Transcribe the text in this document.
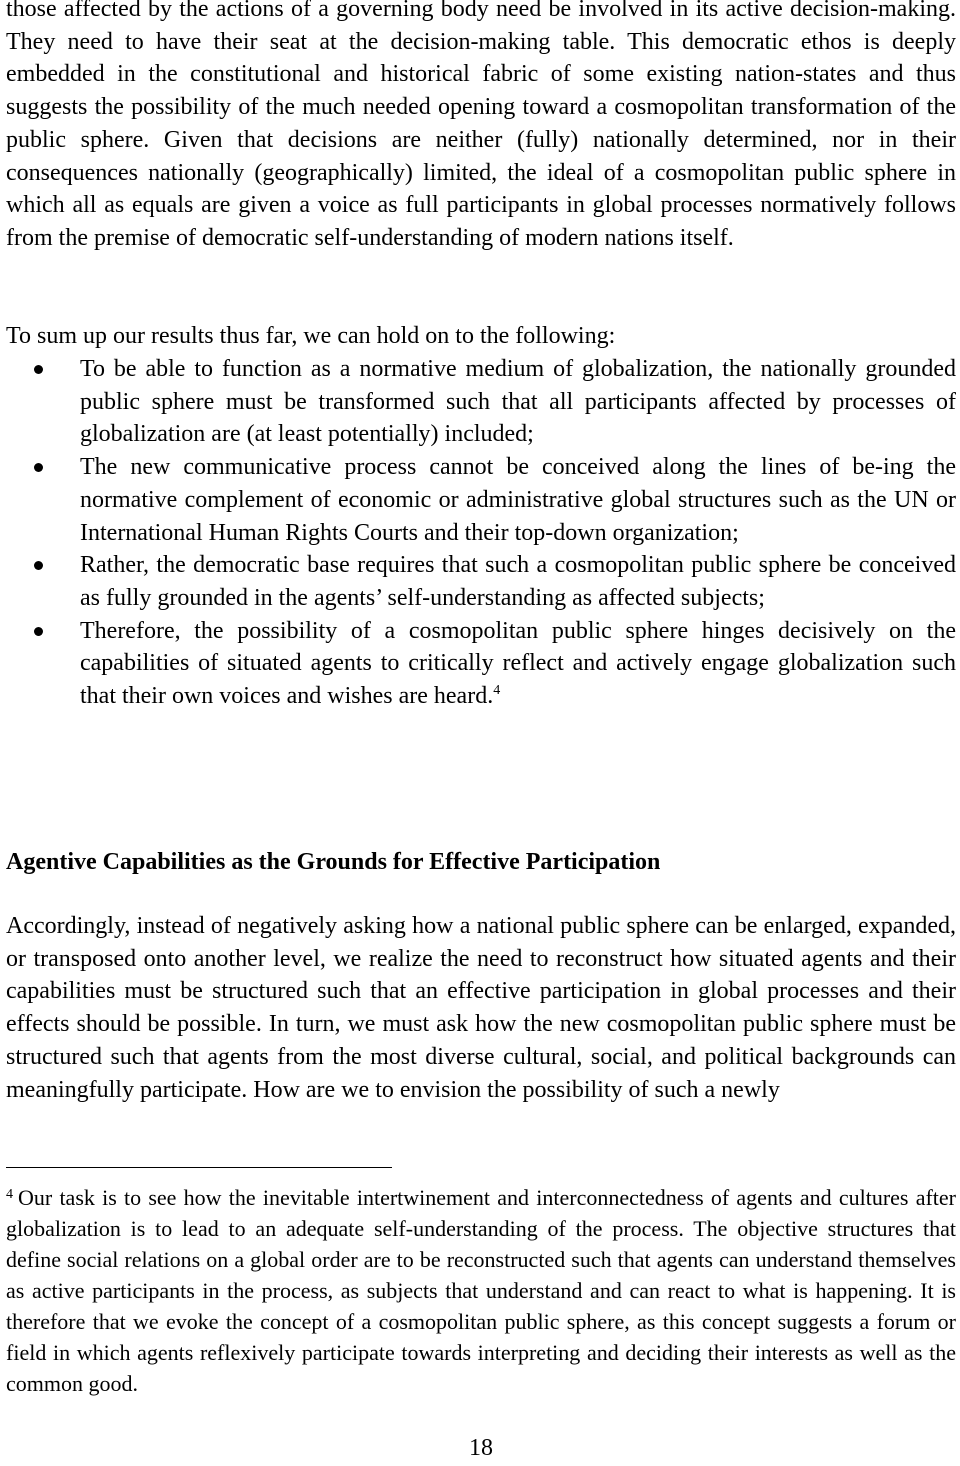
those affected by the actions of a governing body need be involved in its active decision-making. They need to have their seat at the decision-making table. This democratic ethos is deeply embedded in the constitutional and historical fabric of some existing nation-states and thus suggests the possibility of the much needed opening toward a cosmopolitan transformation of the public sphere. Given that decisions are neither (fully) nationally determined, nor in their consequences nationally (geographically) limited, the ideal of a cosmopolitan public sphere in which all as equals are given a voice as full participants in global processes normatively follows from the premise of democratic self-understanding of modern nations itself.

To sum up our results thus far, we can hold on to the following:

To be able to function as a normative medium of globalization, the nationally grounded public sphere must be transformed such that all participants affected by processes of globalization are (at least potentially) included;
The new communicative process cannot be conceived along the lines of be-ing the normative complement of economic or administrative global structures such as the UN or International Human Rights Courts and their top-down organization;
Rather, the democratic base requires that such a cosmopolitan public sphere be conceived as fully grounded in the agents’ self-understanding as affected subjects;
Therefore, the possibility of a cosmopolitan public sphere hinges decisively on the capabilities of situated agents to critically reflect and actively engage globalization such that their own voices and wishes are heard.$^4$
Agentive Capabilities as the Grounds for Effective Participation

Accordingly, instead of negatively asking how a national public sphere can be enlarged, expanded, or transposed onto another level, we realize the need to reconstruct how situated agents and their capabilities must be structured such that an effective participation in global processes and their effects should be possible. In turn, we must ask how the new cosmopolitan public sphere must be structured such that agents from the most diverse cultural, social, and political backgrounds can meaningfully participate. How are we to envision the possibility of such a newly

$^4$ Our task is to see how the inevitable intertwinement and interconnectedness of agents and cultures after globalization is to lead to an adequate self-understanding of the process. The objective structures that define social relations on a global order are to be reconstructed such that agents can understand themselves as active participants in the process, as subjects that understand and can react to what is happening. It is therefore that we evoke the concept of a cosmopolitan public sphere, as this concept suggests a forum or field in which agents reflexively participate towards interpreting and deciding their interests as well as the common good.

18
